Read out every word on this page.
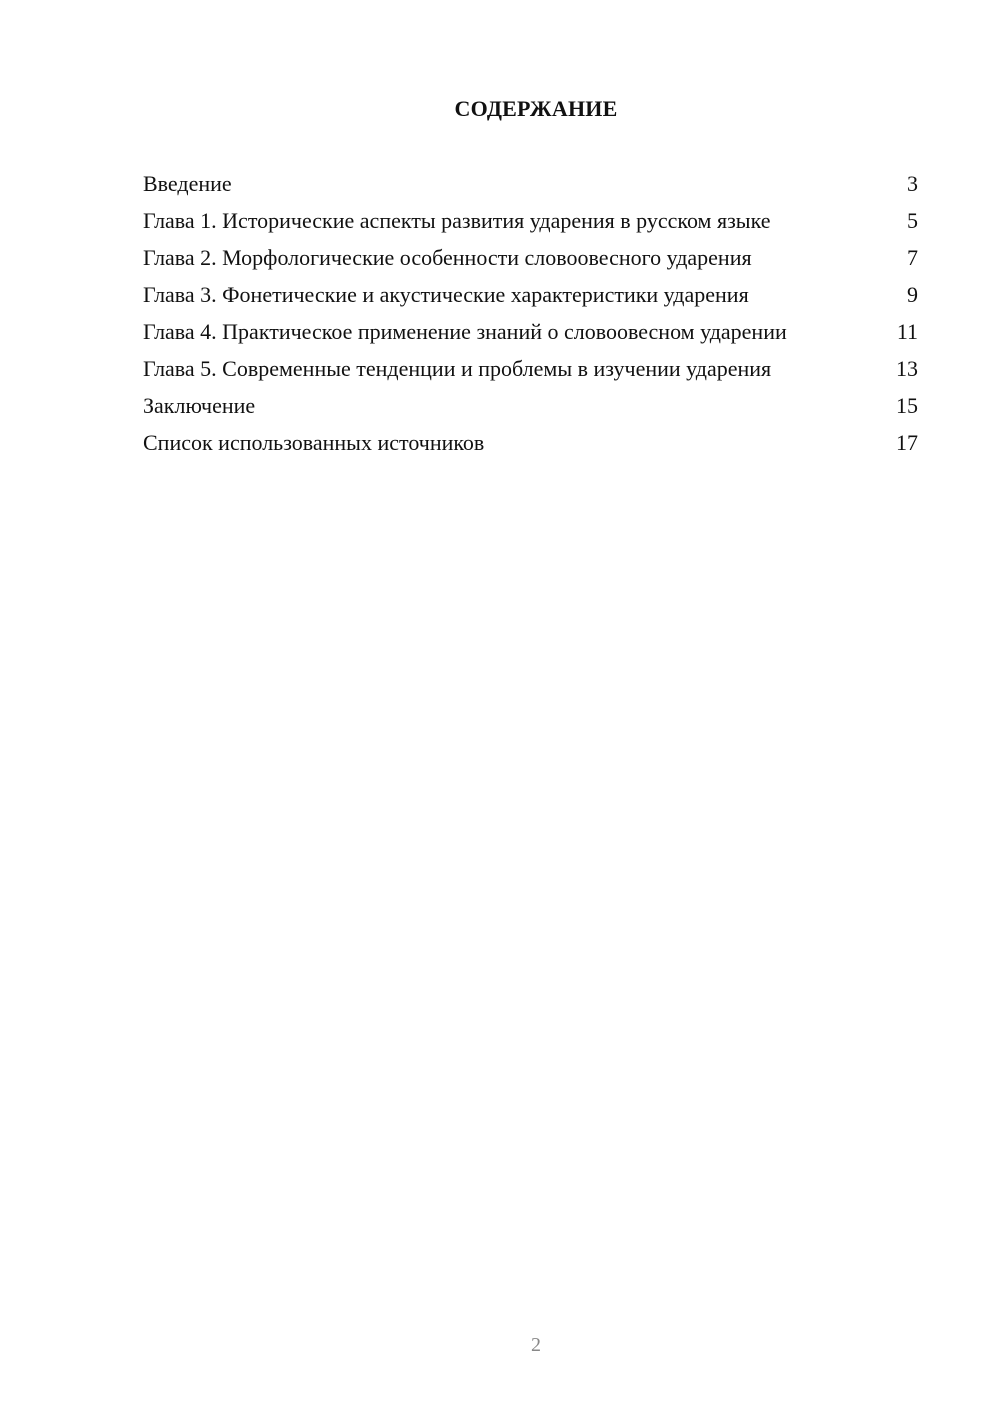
СОДЕРЖАНИЕ
Введение	3
Глава 1. Исторические аспекты развития ударения в русском языке	5
Глава 2. Морфологические особенности словоовесного ударения	7
Глава 3. Фонетические и акустические характеристики ударения	9
Глава 4. Практическое применение знаний о словоовесном ударении	11
Глава 5. Современные тенденции и проблемы в изучении ударения	13
Заключение	15
Список использованных источников	17
2
